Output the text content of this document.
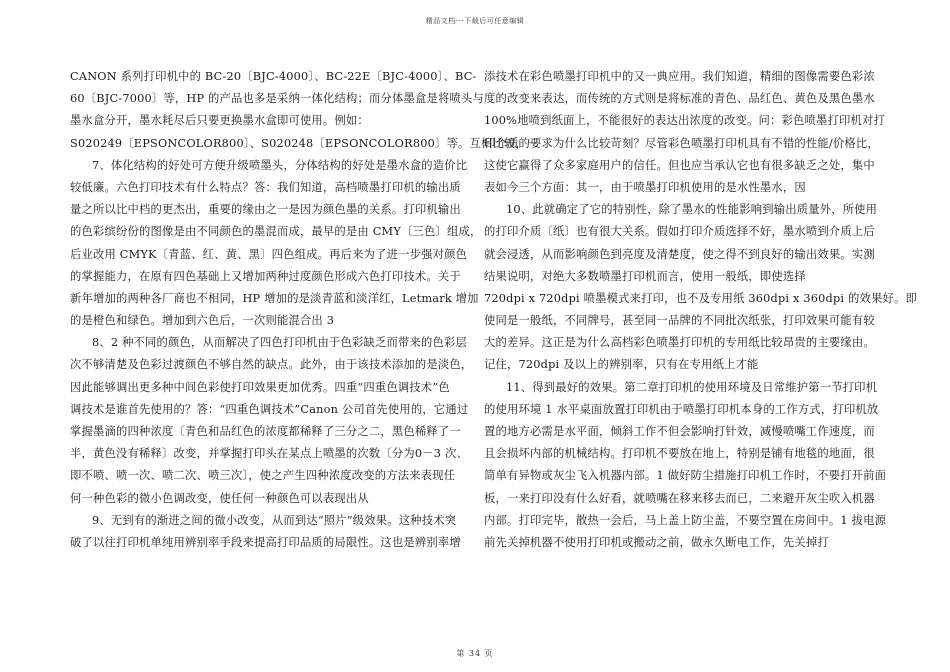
精品文档---下载后可任意编辑
CANON 系列打印机中的 BC-20〔BJC-4000〕、BC-22E〔BJC-4000〕、BC-
60〔BJC-7000〕等，HP 的产品也多是采纳一体化结构；而分体墨盒是将喷头与
墨水盒分开，墨水耗尽后只要更换墨水盒即可使用。例如：
S020249〔EPSONCOLOR800〕、S020248〔EPSONCOLOR800〕等。互相比较，一
7、体化结构的好处可方便升级喷墨头，分体结构的好处是墨水盒的造价比
较低廉。六色打印技术有什么特点？答：我们知道，高档喷墨打印机的输出质
量之所以比中档的更杰出，重要的缘由之一是因为颜色墨的关系。打印机输出
的色彩缤纷份的图像是由不同颜色的墨混而成，最早的是由 CMY〔三色〕组成，
后业改用 CMYK〔青蓝、红、黄、黑〕四色组成。再后来为了进一步强对颜色
的掌握能力，在原有四色基础上又增加两种过度颜色形成六色打印技术。关于
新年增加的两种各厂商也不相同，HP 增加的是淡青蓝和淡洋红，Letmark 增加
的是橙色和绿色。增加到六色后，一次则能混合出 3
8、2 种不同的颜色，从而解决了四色打印机由于色彩缺乏而带来的色彩层
次不够清楚及色彩过渡颜色不够自然的缺点。此外，由于该技术添加的是淡色，
因此能够调出更多种中间色彩使打印效果更加优秀。四重“四重色调技术”色
调技术是谁首先使用的？答：“四重色调技术”Canon 公司首先使用的，它通过
掌握墨滴的四种浓度〔青色和品红色的浓度都稀释了三分之二，黑色稀释了一
半，黄色没有稀释〕改变，并掌握打印头在某点上喷墨的次数〔分为0－3 次、
即不喷、喷一次、喷二次、喷三次〕，使之产生四种浓度改变的方法来表现任
何一种色彩的微小色调改变，使任何一种颜色可以表现出从
9、无到有的渐进之间的微小改变，从而到达“照片”级效果。这种技术突
破了以往打印机单纯用辨别率手段来提高打印品质的局限性。这也是辨别率增
添技术在彩色喷墨打印机中的又一典应用。我们知道，精细的图像需要色彩浓
度的改变来表达，而传统的方式则是将标准的青色、品红色、黄色及黑色墨水
100%地喷到纸面上，不能很好的表达出浓度的改变。问：彩色喷墨打印机对打
印介质的要求为什么比较苛刻？尽管彩色喷墨打印机具有不错的性能/价格比，
这使它赢得了众多家庭用户的信任。但也应当承认它也有很多缺乏之处，集中
表如今三个方面：其一，由于喷墨打印机使用的是水性墨水，因
10、此就确定了它的特别性，除了墨水的性能影响到输出质量外，所使用
的打印介质〔纸〕也有很大关系。假如打印介质选择不好，墨水喷到介质上后
就会浸透，从而影响颜色到亮度及清楚度，使之得不到良好的输出效果。实测
结果说明，对绝大多数喷墨打印机而言，使用一般纸，即使选择
720dpi x 720dpi 喷墨模式来打印，也不及专用纸 360dpi x 360dpi 的效果好。即
使同是一般纸，不同牌号，甚至同一品牌的不同批次纸张，打印效果可能有较
大的差异。这正是为什么高档彩色喷墨打印机的专用纸比较昂贵的主要缘由。
记住，720dpi 及以上的辨别率，只有在专用纸上才能
11、得到最好的效果。第二章打印机的使用环境及日常维护第一节打印机
的使用环境 1 水平桌面放置打印机由于喷墨打印机本身的工作方式，打印机放
置的地方必需是水平面，倾斜工作不但会影响打针效，减慢喷嘴工作速度，而
且会损坏内部的机械结构。打印机不要放在地上，特别是铺有地毯的地面，很
简单有异物或灰尘飞入机器内部。1 做好防尘措施打印机工作时，不要打开前面
板，一来打印没有什么好看，就喷嘴在移来移去而已，二来避开灰尘吹入机器
内部。打印完毕，散热一会后，马上盖上防尘盖，不要空置在房间中。1 拔电源
前先关掉机器不使用打印机或搬动之前，做永久断电工作，先关掉打
第 34 页
